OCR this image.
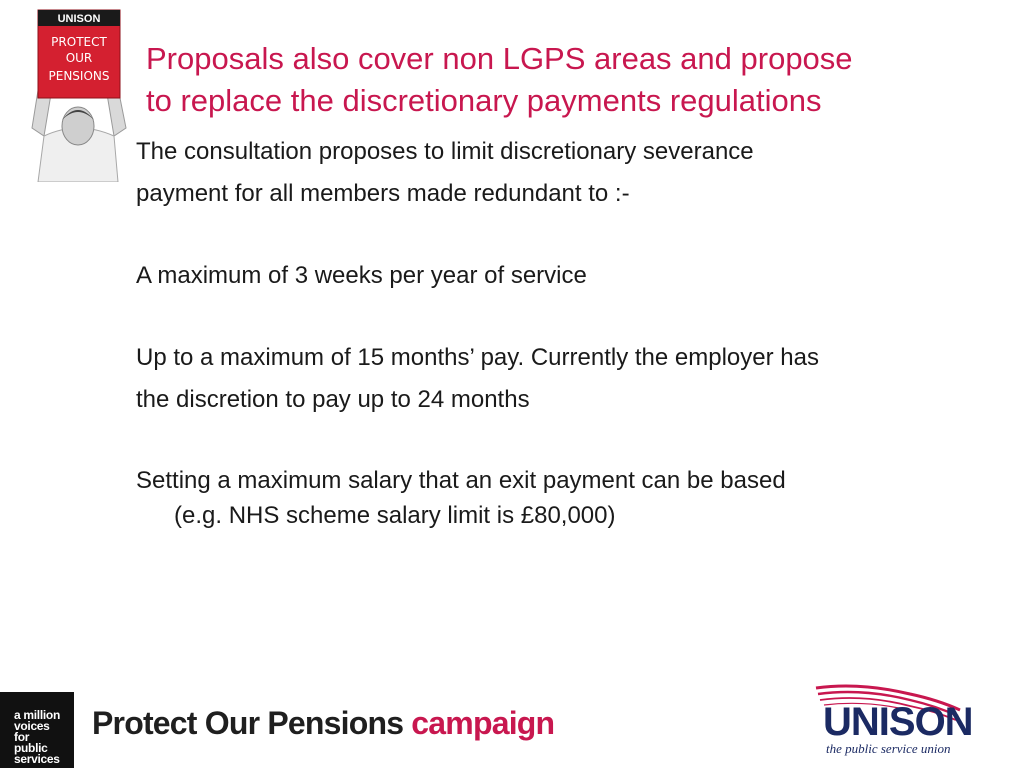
UNISON
PROTECT
OUR
PENSIONS Proposals also cover non LGPS areas and propose
to replace the discretionary payments regulations
The consultation proposes to limit discretionary severance
payment for all members made redundant to :-
A maximum of 3 weeks per year of service
Up to a maximum of 15 months’ pay. Currently the employer has
the discretion to pay up to 24 months
Setting a maximum salary that an exit payment can be based
(e.g. NHS scheme salary limit is £80,000)
a million
voices
for
public
services
Protect Our Pensions campaign	UNISON
the public service union
